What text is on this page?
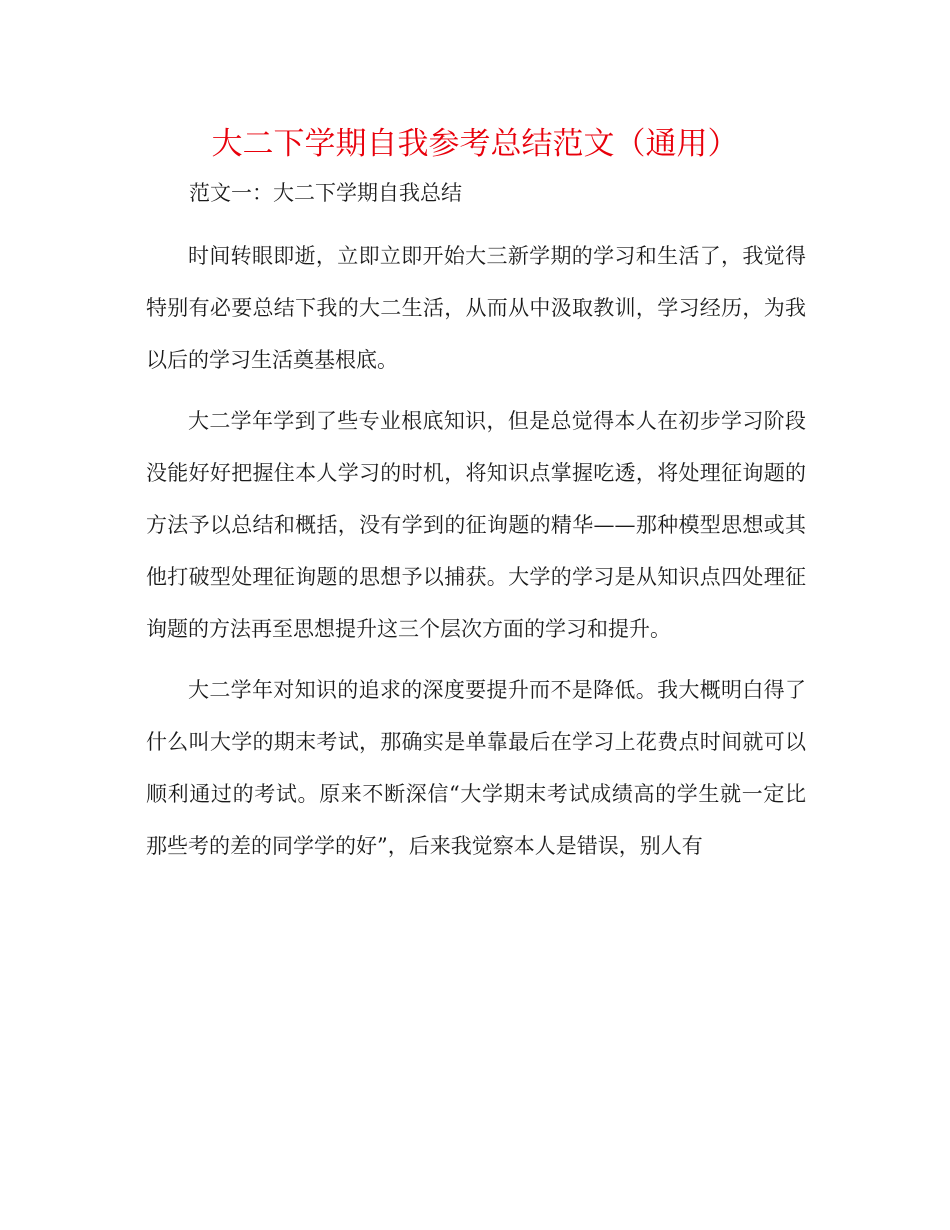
大二下学期自我参考总结范文（通用）

范文一：大二下学期自我总结

时间转眼即逝，立即立即开始大三新学期的学习和生活了，我觉得特别有必要总结下我的大二生活，从而从中汲取教训，学习经历，为我以后的学习生活奠基根底。

大二学年学到了些专业根底知识，但是总觉得本人在初步学习阶段没能好好把握住本人学习的时机，将知识点掌握吃透，将处理征询题的方法予以总结和概括，没有学到的征询题的精华——那种模型思想或其他打破型处理征询题的思想予以捕获。大学的学习是从知识点四处理征询题的方法再至思想提升这三个层次方面的学习和提升。

大二学年对知识的追求的深度要提升而不是降低。我大概明白得了什么叫大学的期末考试，那确实是单靠最后在学习上花费点时间就可以顺利通过的考试。原来不断深信“大学期末考试成绩高的学生就一定比那些考的差的同学学的好”，后来我觉察本人是错误，别人有
